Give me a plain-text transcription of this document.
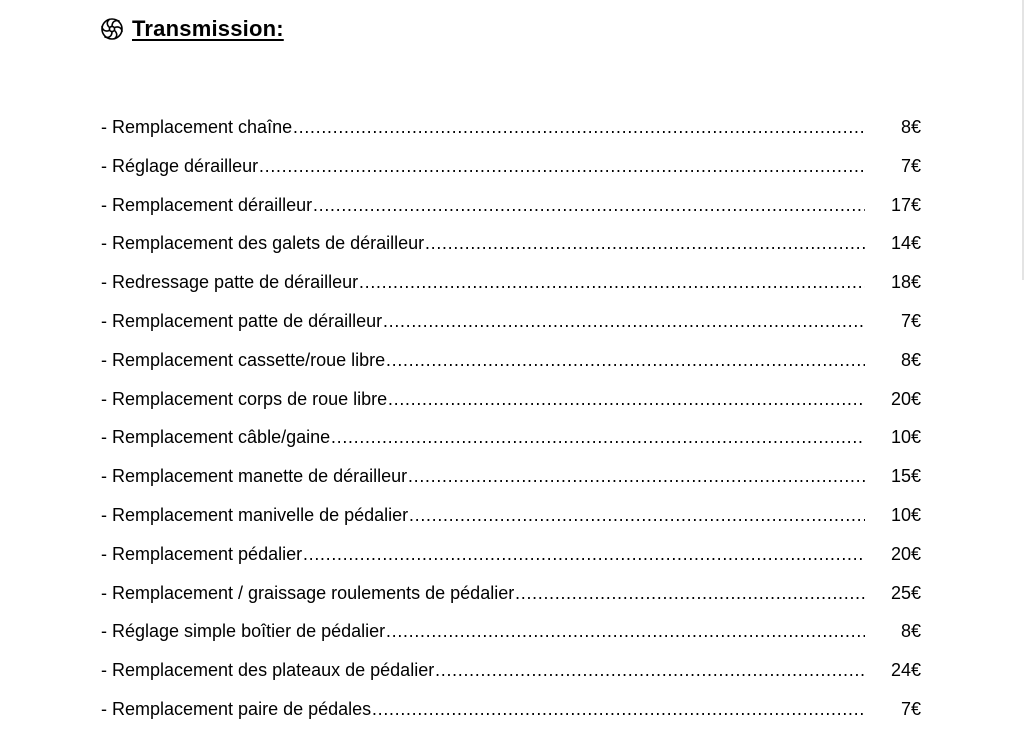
Transmission:
- Remplacement chaîne ……………………………………………………………………………………………………………………………………………………………………………………………………………	8€
- Réglage dérailleur ……………………………………………………………………………………………………………………………………………………………………………………………………………	7€
- Remplacement dérailleur ……………………………………………………………………………………………………………………………………………………………………………………………………………	17€
- Remplacement des galets de dérailleur ……………………………………………………………………………………………………………………………………………………………………………………………………………	14€
- Redressage patte de dérailleur ……………………………………………………………………………………………………………………………………………………………………………………………………………	18€
- Remplacement patte de dérailleur ……………………………………………………………………………………………………………………………………………………………………………………………………………	7€
- Remplacement cassette/roue libre ……………………………………………………………………………………………………………………………………………………………………………………………………………	8€
- Remplacement corps de roue libre ……………………………………………………………………………………………………………………………………………………………………………………………………………	20€
- Remplacement câble/gaine ……………………………………………………………………………………………………………………………………………………………………………………………………………	10€
- Remplacement manette de dérailleur ……………………………………………………………………………………………………………………………………………………………………………………………………………	15€
- Remplacement manivelle de pédalier ……………………………………………………………………………………………………………………………………………………………………………………………………………	10€
- Remplacement pédalier ……………………………………………………………………………………………………………………………………………………………………………………………………………	20€
- Remplacement / graissage roulements de pédalier ……………………………………………………………………………………………………………………………………………………………………………………………………………	25€
- Réglage simple boîtier de pédalier ……………………………………………………………………………………………………………………………………………………………………………………………………………	8€
- Remplacement des plateaux de pédalier ……………………………………………………………………………………………………………………………………………………………………………………………………………	24€
- Remplacement paire de pédales ……………………………………………………………………………………………………………………………………………………………………………………………………………	7€
